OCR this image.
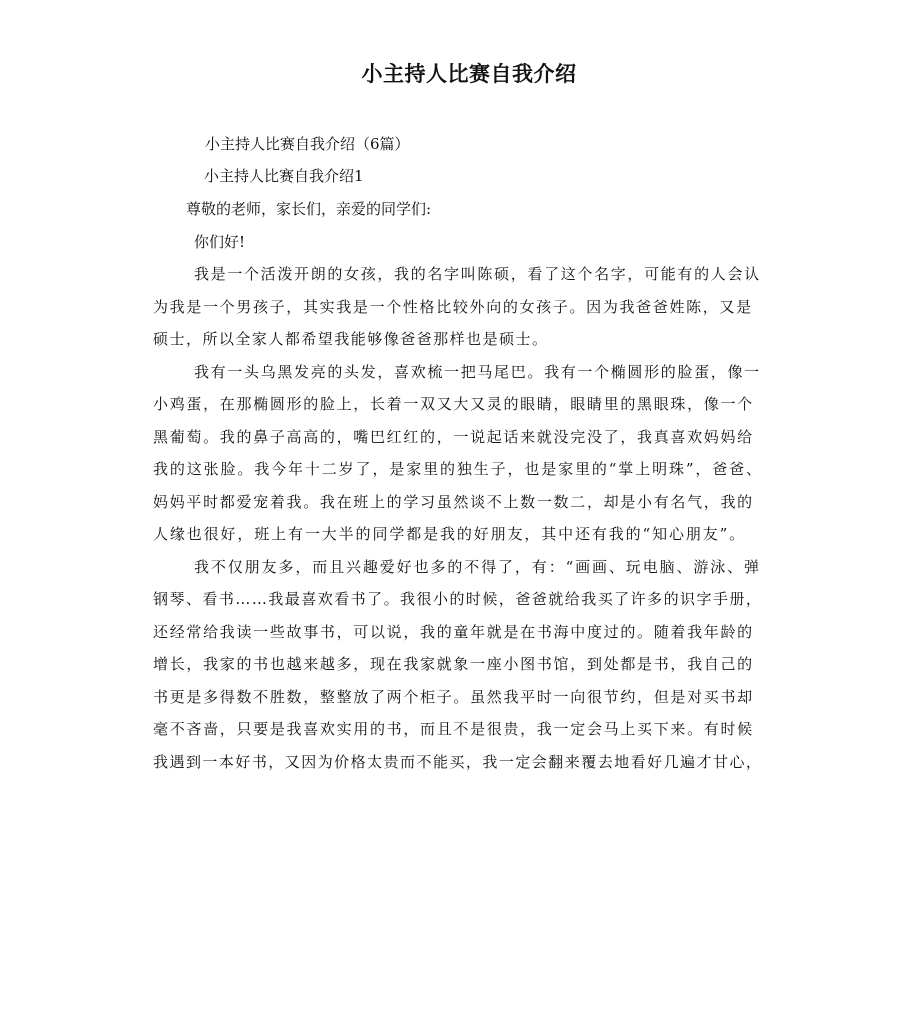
小主持人比赛自我介绍
小主持人比赛自我介绍（6篇）
小主持人比赛自我介绍1
尊敬的老师，家长们，亲爱的同学们:
你们好!
我是一个活泼开朗的女孩，我的名字叫陈硕，看了这个名字，可能有的人会认
为我是一个男孩子，其实我是一个性格比较外向的女孩子。因为我爸爸姓陈，又是
硕士，所以全家人都希望我能够像爸爸那样也是硕士。
我有一头乌黑发亮的头发，喜欢梳一把马尾巴。我有一个椭圆形的脸蛋，像一
小鸡蛋，在那椭圆形的脸上，长着一双又大又灵的眼睛，眼睛里的黑眼珠，像一个
黑葡萄。我的鼻子高高的，嘴巴红红的，一说起话来就没完没了，我真喜欢妈妈给
我的这张脸。我今年十二岁了，是家里的独生子，也是家里的“掌上明珠”，爸爸、
妈妈平时都爱宠着我。我在班上的学习虽然谈不上数一数二，却是小有名气，我的
人缘也很好，班上有一大半的同学都是我的好朋友，其中还有我的“知心朋友”。
我不仅朋友多，而且兴趣爱好也多的不得了，有：“画画、玩电脑、游泳、弹
钢琴、看书……我最喜欢看书了。我很小的时候，爸爸就给我买了许多的识字手册，
还经常给我读一些故事书，可以说，我的童年就是在书海中度过的。随着我年龄的
增长，我家的书也越来越多，现在我家就象一座小图书馆，到处都是书，我自己的
书更是多得数不胜数，整整放了两个柜子。虽然我平时一向很节约，但是对买书却
毫不吝啬，只要是我喜欢实用的书，而且不是很贵，我一定会马上买下来。有时候
我遇到一本好书，又因为价格太贵而不能买，我一定会翻来覆去地看好几遍才甘心，
